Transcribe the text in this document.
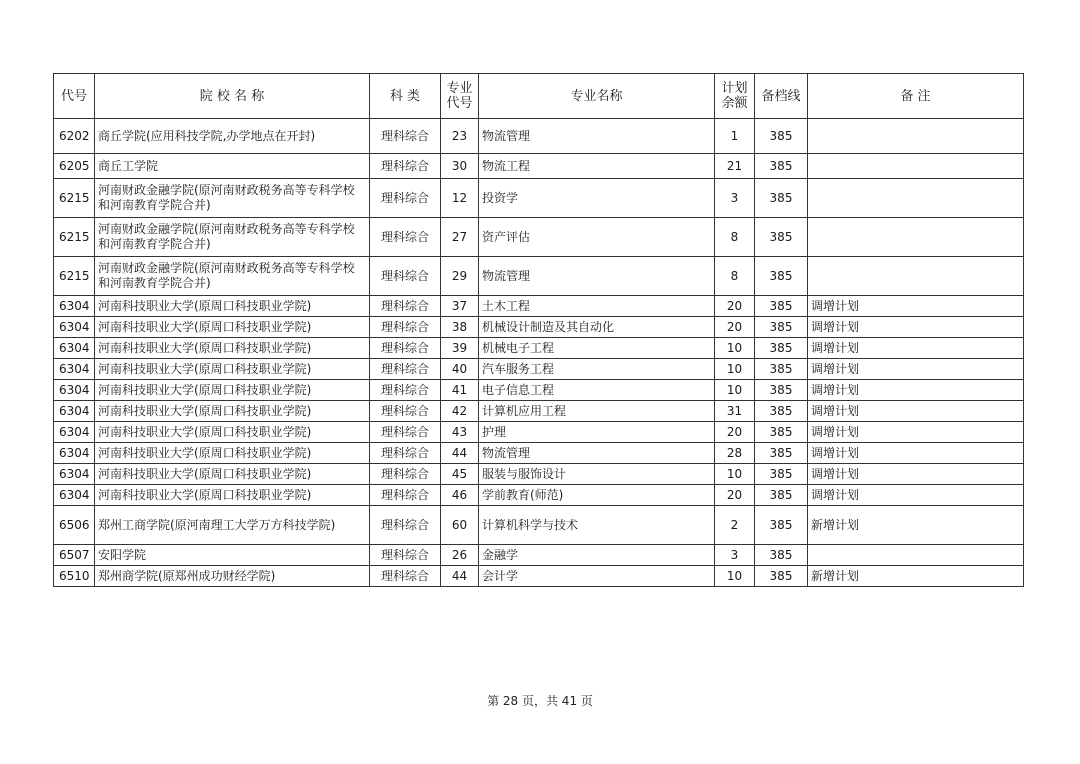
代号	院 校 名 称	科 类	专业代号	专业名称	计划余额	备档线	备 注
6202	商丘学院(应用科技学院,办学地点在开封)	理科综合	23	物流管理	1	385	
6205	商丘工学院	理科综合	30	物流工程	21	385	
6215	河南财政金融学院(原河南财政税务高等专科学校和河南教育学院合并)	理科综合	12	投资学	3	385	
6215	河南财政金融学院(原河南财政税务高等专科学校和河南教育学院合并)	理科综合	27	资产评估	8	385	
6215	河南财政金融学院(原河南财政税务高等专科学校和河南教育学院合并)	理科综合	29	物流管理	8	385	
6304	河南科技职业大学(原周口科技职业学院)	理科综合	37	土木工程	20	385	调增计划
6304	河南科技职业大学(原周口科技职业学院)	理科综合	38	机械设计制造及其自动化	20	385	调增计划
6304	河南科技职业大学(原周口科技职业学院)	理科综合	39	机械电子工程	10	385	调增计划
6304	河南科技职业大学(原周口科技职业学院)	理科综合	40	汽车服务工程	10	385	调增计划
6304	河南科技职业大学(原周口科技职业学院)	理科综合	41	电子信息工程	10	385	调增计划
6304	河南科技职业大学(原周口科技职业学院)	理科综合	42	计算机应用工程	31	385	调增计划
6304	河南科技职业大学(原周口科技职业学院)	理科综合	43	护理	20	385	调增计划
6304	河南科技职业大学(原周口科技职业学院)	理科综合	44	物流管理	28	385	调增计划
6304	河南科技职业大学(原周口科技职业学院)	理科综合	45	服装与服饰设计	10	385	调增计划
6304	河南科技职业大学(原周口科技职业学院)	理科综合	46	学前教育(师范)	20	385	调增计划
6506	郑州工商学院(原河南理工大学万方科技学院)	理科综合	60	计算机科学与技术	2	385	新增计划
6507	安阳学院	理科综合	26	金融学	3	385	
6510	郑州商学院(原郑州成功财经学院)	理科综合	44	会计学	10	385	新增计划
第 28 页，共 41 页
